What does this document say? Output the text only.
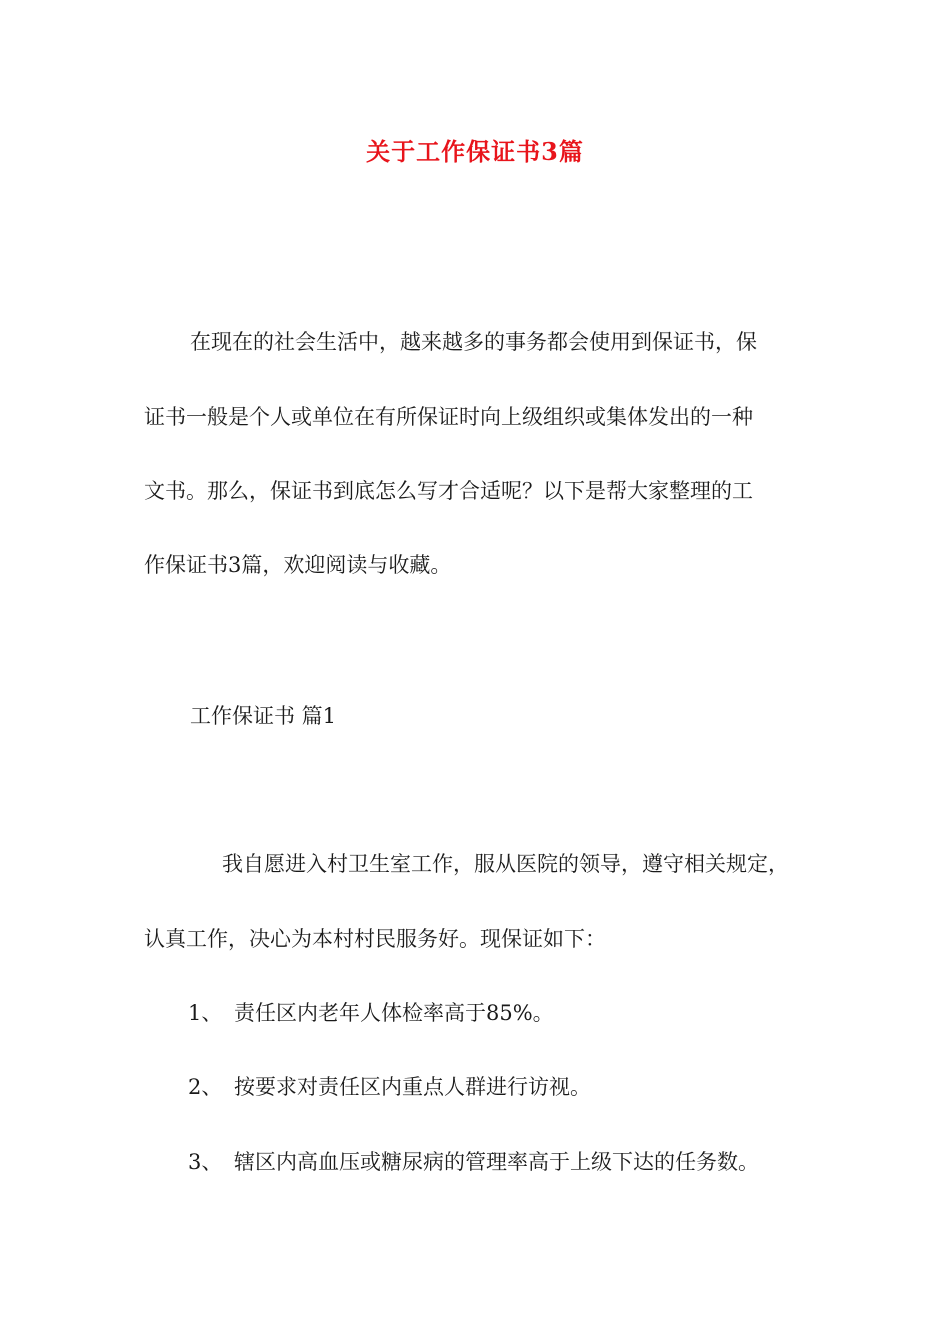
关于工作保证书3篇
在现在的社会生活中，越来越多的事务都会使用到保证书，保
证书一般是个人或单位在有所保证时向上级组织或集体发出的一种
文书。那么，保证书到底怎么写才合适呢？以下是帮大家整理的工
作保证书3篇，欢迎阅读与收藏。
工作保证书 篇1
我自愿进入村卫生室工作，服从医院的领导，遵守相关规定，
认真工作，决心为本村村民服务好。现保证如下：
1、 责任区内老年人体检率高于85%。
2、 按要求对责任区内重点人群进行访视。
3、 辖区内高血压或糖尿病的管理率高于上级下达的任务数。
